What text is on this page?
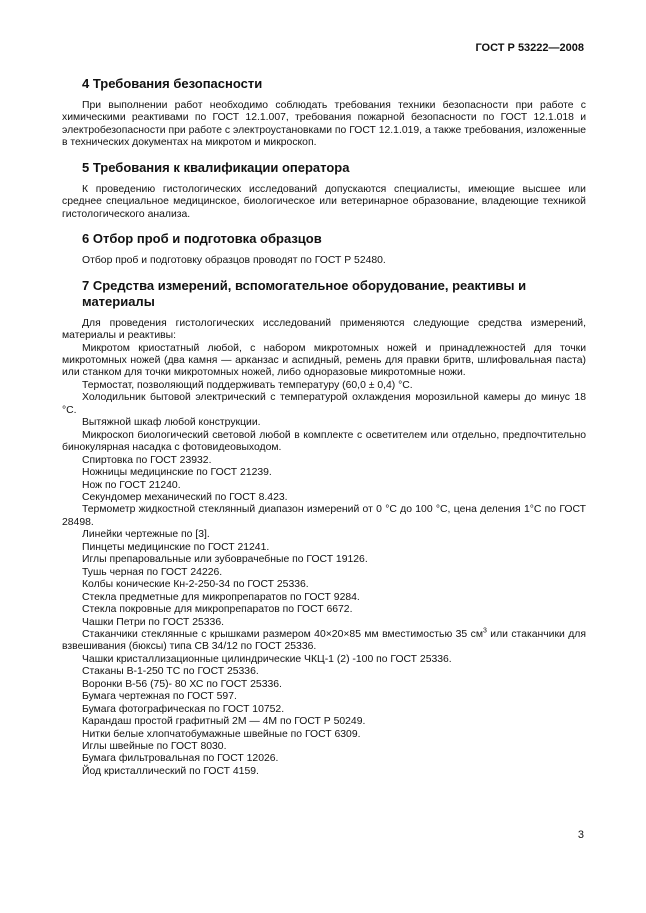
ГОСТ Р 53222—2008
4 Требования безопасности

При выполнении работ необходимо соблюдать требования техники безопасности при работе с химическими реактивами по ГОСТ 12.1.007, требования пожарной безопасности по ГОСТ 12.1.018 и электробезопасности при работе с электроустановками по ГОСТ 12.1.019, а также требования, изложенные в технических документах на микротом и микроскоп.

5 Требования к квалификации оператора

К проведению гистологических исследований допускаются специалисты, имеющие высшее или среднее специальное медицинское, биологическое или ветеринарное образование, владеющие техникой гистологического анализа.

6 Отбор проб и подготовка образцов

Отбор проб и подготовку образцов проводят по ГОСТ Р 52480.

7 Средства измерений, вспомогательное оборудование, реактивы и материалы

Для проведения гистологических исследований применяются следующие средства измерений, материалы и реактивы:

Микротом криостатный любой, с набором микротомных ножей и принадлежностей для точки микротомных ножей (два камня — арканзас и аспидный, ремень для правки бритв, шлифовальная паста) или станком для точки микротомных ножей, либо одноразовые микротомные ножи.

Термостат, позволяющий поддерживать температуру (60,0 ± 0,4) °С.

Холодильник бытовой электрический с температурой охлаждения морозильной камеры до минус 18 °С.

Вытяжной шкаф любой конструкции.

Микроскоп биологический световой любой в комплекте с осветителем или отдельно, предпочтительно бинокулярная насадка с фотовидеовыходом.

Спиртовка по ГОСТ 23932.

Ножницы медицинские по ГОСТ 21239.

Нож по ГОСТ 21240.

Секундомер механический по ГОСТ 8.423.

Термометр жидкостной стеклянный диапазон измерений от 0 °С до 100 °С, цена деления 1°С по ГОСТ 28498.

Линейки чертежные по [3].

Пинцеты медицинские по ГОСТ 21241.

Иглы препаровальные или зубоврачебные по ГОСТ 19126.

Тушь черная по ГОСТ 24226.

Колбы конические Кн-2-250-34 по ГОСТ 25336.

Стекла предметные для микропрепаратов по ГОСТ 9284.

Стекла покровные для микропрепаратов по ГОСТ 6672.

Чашки Петри по ГОСТ 25336.

Стаканчики стеклянные с крышками размером 40×20×85 мм вместимостью 35 $см^3$ или стаканчики для взвешивания (бюксы) типа СВ 34/12 по ГОСТ 25336.

Чашки кристаллизационные цилиндрические ЧКЦ-1 (2) -100 по ГОСТ 25336.

Стаканы В-1-250 ТС по ГОСТ 25336.

Воронки В-56 (75)- 80 ХС по ГОСТ 25336.

Бумага чертежная по ГОСТ 597.

Бумага фотографическая по ГОСТ 10752.

Карандаш простой графитный 2М — 4М по ГОСТ Р 50249.

Нитки белые хлопчатобумажные швейные по ГОСТ 6309.

Иглы швейные по ГОСТ 8030.

Бумага фильтровальная по ГОСТ 12026.

Йод кристаллический по ГОСТ 4159.

3
